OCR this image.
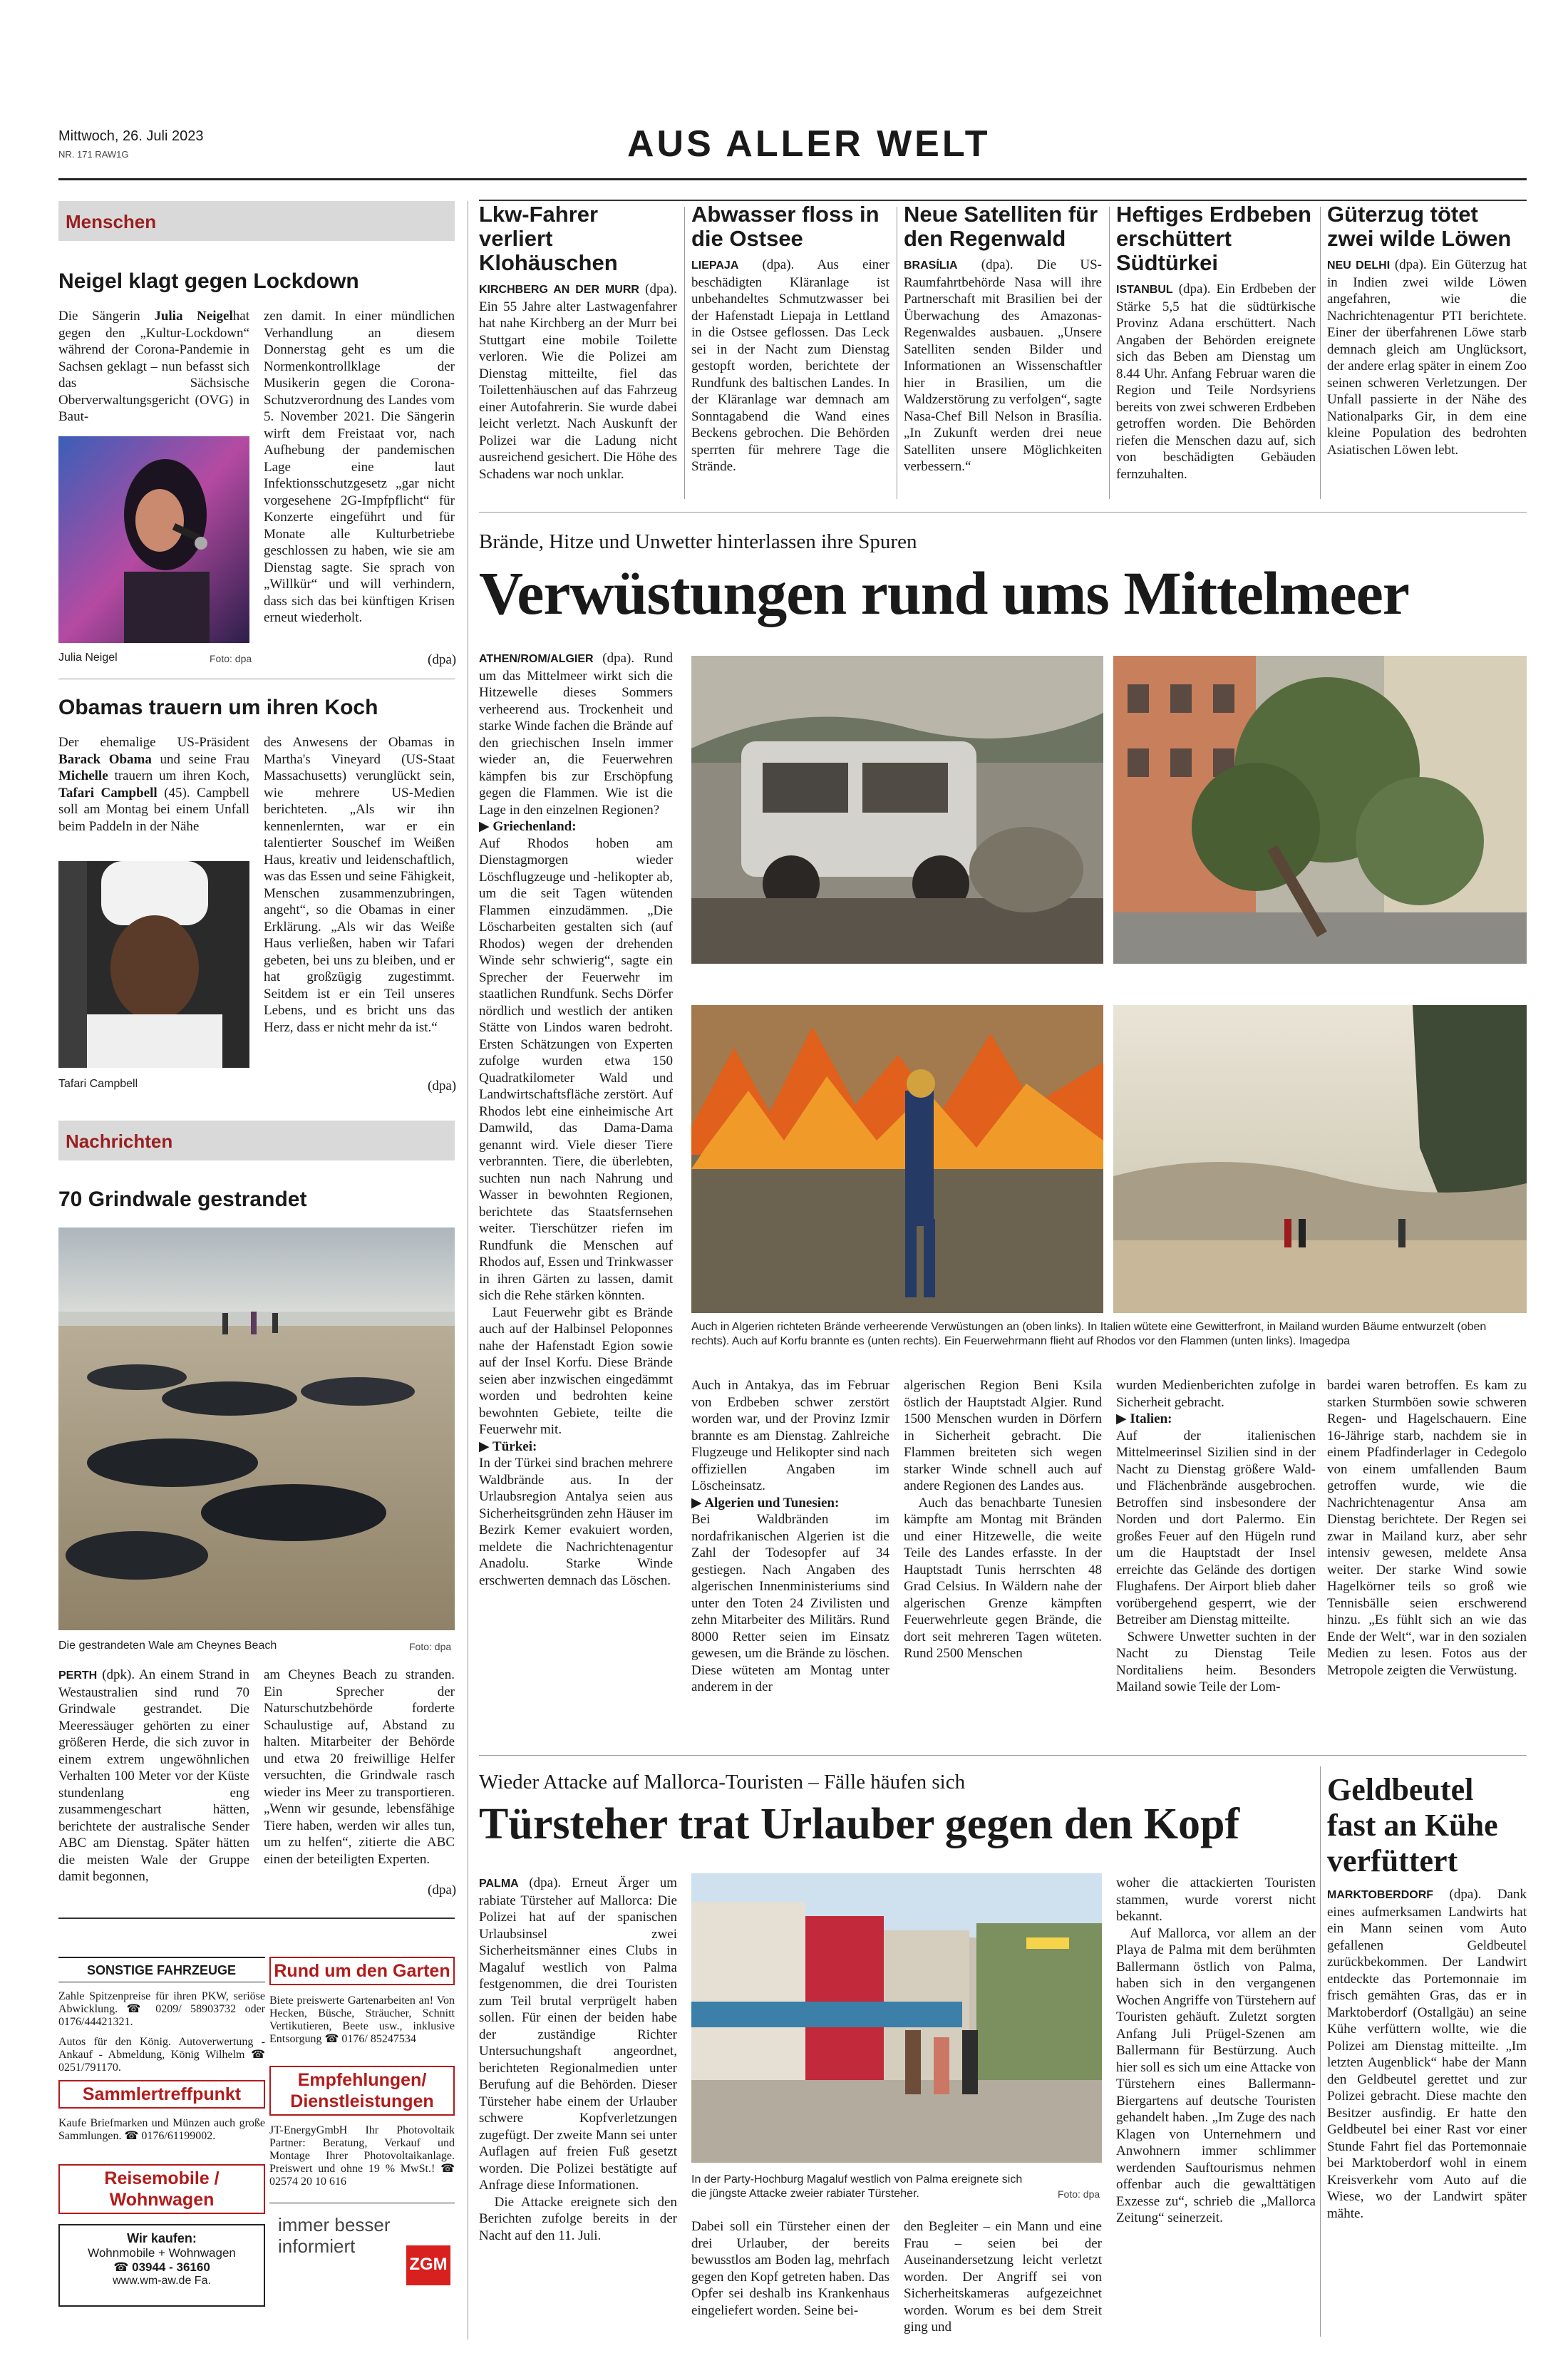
Mittwoch, 26. Juli 2023
NR. 171 RAW1G	AUS ALLER WELT
Menschen
Neigel klagt gegen Lockdown
Die Sängerin Julia Neigelhat gegen den „Kultur-Lockdown“ während der Corona-Pandemie in Sachsen geklagt – nun befasst sich das Sächsische Oberverwaltungsgericht (OVG) in Baut-
Julia Neigel	Foto: dpa
zen damit. In einer mündlichen Verhandlung an diesem Donnerstag geht es um die Normenkontrollklage der Musikerin gegen die Corona-Schutzverordnung des Landes vom 5. November 2021. Die Sängerin wirft dem Freistaat vor, nach Aufhebung der pandemischen Lage eine laut Infektionsschutzgesetz „gar nicht vorgesehene 2G-Impfpflicht“ für Konzerte eingeführt und für Monate alle Kulturbetriebe geschlossen zu haben, wie sie am Dienstag sagte. Sie sprach von „Willkür“ und will verhindern, dass sich das bei künftigen Krisen erneut wiederholt.
(dpa)
Obamas trauern um ihren Koch
Der ehemalige US-Präsident Barack Obama und seine Frau Michelle trauern um ihren Koch, Tafari Campbell (45). Campbell soll am Montag bei einem Unfall beim Paddeln in der Nähe
Tafari Campbell
des Anwesens der Obamas in Martha's Vineyard (US-Staat Massachusetts) verunglückt sein, wie mehrere US-Medien berichteten. „Als wir ihn kennenlernten, war er ein talentierter Souschef im Weißen Haus, kreativ und leidenschaftlich, was das Essen und seine Fähigkeit, Menschen zusammenzubringen, angeht“, so die Obamas in einer Erklärung. „Als wir das Weiße Haus verließen, haben wir Tafari gebeten, bei uns zu bleiben, und er hat großzügig zugestimmt. Seitdem ist er ein Teil unseres Lebens, und es bricht uns das Herz, dass er nicht mehr da ist.“
(dpa)
Nachrichten
70 Grindwale gestrandet
Die gestrandeten Wale am Cheynes Beach	Foto: dpa
PERTH (dpk). An einem Strand in Westaustralien sind rund 70 Grindwale gestrandet. Die Meeressäuger gehörten zu einer größeren Herde, die sich zuvor in einem extrem ungewöhnlichen Verhalten 100 Meter vor der Küste stundenlang eng zusammengeschart hätten, berichtete der australische Sender ABC am Dienstag. Später hätten die meisten Wale der Gruppe damit begonnen,
am Cheynes Beach zu stranden. Ein Sprecher der Naturschutzbehörde forderte Schaulustige auf, Abstand zu halten. Mitarbeiter der Behörde und etwa 20 freiwillige Helfer versuchten, die Grindwale rasch wieder ins Meer zu transportieren. „Wenn wir gesunde, lebensfähige Tiere haben, werden wir alles tun, um zu helfen“, zitierte die ABC einen der beteiligten Experten.
(dpa)
SONSTIGE FAHRZEUGE
Zahle Spitzenpreise für ihren PKW, seriöse Abwicklung. ☎ 0209/ 58903732 oder 0176/44421321.
Autos für den König. Autoverwertung - Ankauf - Abmeldung, König Wilhelm ☎ 0251/791170.
Sammlertreffpunkt
Kaufe Briefmarken und Münzen auch große Sammlungen. ☎ 0176/61199002.
Reisemobile / Wohnwagen
Wir kaufen:
Wohnmobile + Wohnwagen
☎ 03944 - 36160
www.wm-aw.de Fa.
Rund um den Garten
Biete preiswerte Gartenarbeiten an! Von Hecken, Büsche, Sträucher, Schnitt Vertikutieren, Beete usw., inklusive Entsorgung ☎ 0176/ 85247534
Empfehlungen/ Dienstleistungen
JT-EnergyGmbH Ihr Photovoltaik Partner: Beratung, Verkauf und Montage Ihrer Photovoltaikanlage. Preiswert und ohne 19 % MwSt.! ☎ 02574 20 10 616
immer besser informiert
ZGM
Lkw-Fahrer verliert Klohäuschen
KIRCHBERG AN DER MURR (dpa). Ein 55 Jahre alter Lastwagenfahrer hat nahe Kirchberg an der Murr bei Stuttgart eine mobile Toilette verloren. Wie die Polizei am Dienstag mitteilte, fiel das Toilettenhäuschen auf das Fahrzeug einer Autofahrerin. Sie wurde dabei leicht verletzt. Nach Auskunft der Polizei war die Ladung nicht ausreichend gesichert. Die Höhe des Schadens war noch unklar.
Abwasser floss in die Ostsee
LIEPAJA (dpa). Aus einer beschädigten Kläranlage ist unbehandeltes Schmutzwasser bei der Hafenstadt Liepaja in Lettland in die Ostsee geflossen. Das Leck sei in der Nacht zum Dienstag gestopft worden, berichtete der Rundfunk des baltischen Landes. In der Kläranlage war demnach am Sonntagabend die Wand eines Beckens gebrochen. Die Behörden sperrten für mehrere Tage die Strände.
Neue Satelliten für den Regenwald
BRASÍLIA (dpa). Die US-Raumfahrtbehörde Nasa will ihre Partnerschaft mit Brasilien bei der Überwachung des Amazonas-Regenwaldes ausbauen. „Unsere Satelliten senden Bilder und Informationen an Wissenschaftler hier in Brasilien, um die Waldzerstörung zu verfolgen“, sagte Nasa-Chef Bill Nelson in Brasília. „In Zukunft werden drei neue Satelliten unsere Möglichkeiten verbessern.“
Heftiges Erdbeben erschüttert Südtürkei
ISTANBUL (dpa). Ein Erdbeben der Stärke 5,5 hat die südtürkische Provinz Adana erschüttert. Nach Angaben der Behörden ereignete sich das Beben am Dienstag um 8.44 Uhr. Anfang Februar waren die Region und Teile Nordsyriens bereits von zwei schweren Erdbeben getroffen worden. Die Behörden riefen die Menschen dazu auf, sich von beschädigten Gebäuden fernzuhalten.
Güterzug tötet zwei wilde Löwen
NEU DELHI (dpa). Ein Güterzug hat in Indien zwei wilde Löwen angefahren, wie die Nachrichtenagentur PTI berichtete. Einer der überfahrenen Löwe starb demnach gleich am Unglücksort, der andere erlag später in einem Zoo seinen schweren Verletzungen. Der Unfall passierte in der Nähe des Nationalparks Gir, in dem eine kleine Population des bedrohten Asiatischen Löwen lebt.
Brände, Hitze und Unwetter hinterlassen ihre Spuren
Verwüstungen rund ums Mittelmeer
ATHEN/ROM/ALGIER (dpa). Rund um das Mittelmeer wirkt sich die Hitzewelle dieses Sommers verheerend aus. Trockenheit und starke Winde fachen die Brände auf den griechischen Inseln immer wieder an, die Feuerwehren kämpfen bis zur Erschöpfung gegen die Flammen. Wie ist die Lage in den einzelnen Regionen?
▶ Griechenland:
Auf Rhodos hoben am Dienstagmorgen wieder Löschflugzeuge und -helikopter ab, um die seit Tagen wütenden Flammen einzudämmen. „Die Löscharbeiten gestalten sich (auf Rhodos) wegen der drehenden Winde sehr schwierig“, sagte ein Sprecher der Feuerwehr im staatlichen Rundfunk. Sechs Dörfer nördlich und westlich der antiken Stätte von Lindos waren bedroht. Ersten Schätzungen von Experten zufolge wurden etwa 150 Quadratkilometer Wald und Landwirtschaftsfläche zerstört. Auf Rhodos lebt eine einheimische Art Damwild, das Dama-Dama genannt wird. Viele dieser Tiere verbrannten. Tiere, die überlebten, suchten nun nach Nahrung und Wasser in bewohnten Regionen, berichtete das Staatsfernsehen weiter. Tierschützer riefen im Rundfunk die Menschen auf Rhodos auf, Essen und Trinkwasser in ihren Gärten zu lassen, damit sich die Rehe stärken könnten.
Laut Feuerwehr gibt es Brände auch auf der Halbinsel Peloponnes nahe der Hafenstadt Egion sowie auf der Insel Korfu. Diese Brände seien aber inzwischen eingedämmt worden und bedrohten keine bewohnten Gebiete, teilte die Feuerwehr mit.
▶ Türkei:
In der Türkei sind brachen mehrere Waldbrände aus. In der Urlaubsregion Antalya seien aus Sicherheitsgründen zehn Häuser im Bezirk Kemer evakuiert worden, meldete die Nachrichtenagentur Anadolu. Starke Winde erschwerten demnach das Löschen.
Auch in Algerien richteten Brände verheerende Verwüstungen an (oben links). In Italien wütete eine Gewitterfront, in Mailand wurden Bäume entwurzelt (oben rechts). Auch auf Korfu brannte es (unten rechts). Ein Feuerwehrmann flieht auf Rhodos vor den Flammen (unten links). Imagedpa
Auch in Antakya, das im Februar von Erdbeben schwer zerstört worden war, und der Provinz Izmir brannte es am Dienstag. Zahlreiche Flugzeuge und Helikopter sind nach offiziellen Angaben im Löscheinsatz.
▶ Algerien und Tunesien:
Bei Waldbränden im nordafrikanischen Algerien ist die Zahl der Todesopfer auf 34 gestiegen. Nach Angaben des algerischen Innenministeriums sind unter den Toten 24 Zivilisten und zehn Mitarbeiter des Militärs. Rund 8000 Retter seien im Einsatz gewesen, um die Brände zu löschen. Diese wüteten am Montag unter anderem in der
algerischen Region Beni Ksila östlich der Hauptstadt Algier. Rund 1500 Menschen wurden in Dörfern in Sicherheit gebracht. Die Flammen breiteten sich wegen starker Winde schnell auch auf andere Regionen des Landes aus.
Auch das benachbarte Tunesien kämpfte am Montag mit Bränden und einer Hitzewelle, die weite Teile des Landes erfasste. In der Hauptstadt Tunis herrschten 48 Grad Celsius. In Wäldern nahe der algerischen Grenze kämpften Feuerwehrleute gegen Brände, die dort seit mehreren Tagen wüteten. Rund 2500 Menschen
wurden Medienberichten zufolge in Sicherheit gebracht.
▶ Italien:
Auf der italienischen Mittelmeerinsel Sizilien sind in der Nacht zu Dienstag größere Wald- und Flächenbrände ausgebrochen. Betroffen sind insbesondere der Norden und dort Palermo. Ein großes Feuer auf den Hügeln rund um die Hauptstadt der Insel erreichte das Gelände des dortigen Flughafens. Der Airport blieb daher vorübergehend gesperrt, wie der Betreiber am Dienstag mitteilte.
Schwere Unwetter suchten in der Nacht zu Dienstag Teile Norditaliens heim. Besonders Mailand sowie Teile der Lom-
bardei waren betroffen. Es kam zu starken Sturmböen sowie schweren Regen- und Hagelschauern. Eine 16-Jährige starb, nachdem sie in einem Pfadfinderlager in Cedegolo von einem umfallenden Baum getroffen wurde, wie die Nachrichtenagentur Ansa am Dienstag berichtete. Der Regen sei zwar in Mailand kurz, aber sehr intensiv gewesen, meldete Ansa weiter. Der starke Wind sowie Hagelkörner teils so groß wie Tennisbälle seien erschwerend hinzu. „Es fühlt sich an wie das Ende der Welt“, war in den sozialen Medien zu lesen. Fotos aus der Metropole zeigten die Verwüstung.
Wieder Attacke auf Mallorca-Touristen – Fälle häufen sich
Türsteher trat Urlauber gegen den Kopf
PALMA (dpa). Erneut Ärger um rabiate Türsteher auf Mallorca: Die Polizei hat auf der spanischen Urlaubsinsel zwei Sicherheitsmänner eines Clubs in Magaluf westlich von Palma festgenommen, die drei Touristen zum Teil brutal verprügelt haben sollen. Für einen der beiden habe der zuständige Richter Untersuchungshaft angeordnet, berichteten Regionalmedien unter Berufung auf die Behörden. Dieser Türsteher habe einem der Urlauber schwere Kopfverletzungen zugefügt. Der zweite Mann sei unter Auflagen auf freien Fuß gesetzt worden. Die Polizei bestätigte auf Anfrage diese Informationen.
Die Attacke ereignete sich den Berichten zufolge bereits in der Nacht auf den 11. Juli.
In der Party-Hochburg Magaluf westlich von Palma ereignete sich die jüngste Attacke zweier rabiater Türsteher.	Foto: dpa
Dabei soll ein Türsteher einen der drei Urlauber, der bereits bewusstlos am Boden lag, mehrfach gegen den Kopf getreten haben. Das Opfer sei deshalb ins Krankenhaus eingeliefert worden. Seine bei-
den Begleiter – ein Mann und eine Frau – seien bei der Auseinandersetzung leicht verletzt worden. Der Angriff sei von Sicherheitskameras aufgezeichnet worden. Worum es bei dem Streit ging und
woher die attackierten Touristen stammen, wurde vorerst nicht bekannt.
Auf Mallorca, vor allem an der Playa de Palma mit dem berühmten Ballermann östlich von Palma, haben sich in den vergangenen Wochen Angriffe von Türstehern auf Touristen gehäuft. Zuletzt sorgten Anfang Juli Prügel-Szenen am Ballermann für Bestürzung. Auch hier soll es sich um eine Attacke von Türstehern eines Ballermann-Biergartens auf deutsche Touristen gehandelt haben. „Im Zuge des nach Klagen von Unternehmern und Anwohnern immer schlimmer werdenden Sauftourismus nehmen offenbar auch die gewalttätigen Exzesse zu“, schrieb die „Mallorca Zeitung“ seinerzeit.
Geldbeutel fast an Kühe verfüttert
MARKTOBERDORF (dpa). Dank eines aufmerksamen Landwirts hat ein Mann seinen vom Auto gefallenen Geldbeutel zurückbekommen. Der Landwirt entdeckte das Portemonnaie im frisch gemähten Gras, das er in Marktoberdorf (Ostallgäu) an seine Kühe verfüttern wollte, wie die Polizei am Dienstag mitteilte. „Im letzten Augenblick“ habe der Mann den Geldbeutel gerettet und zur Polizei gebracht. Diese machte den Besitzer ausfindig. Er hatte den Geldbeutel bei einer Rast vor einer Stunde Fahrt fiel das Portemonnaie bei Marktoberdorf wohl in einem Kreisverkehr vom Auto auf die Wiese, wo der Landwirt später mähte.
